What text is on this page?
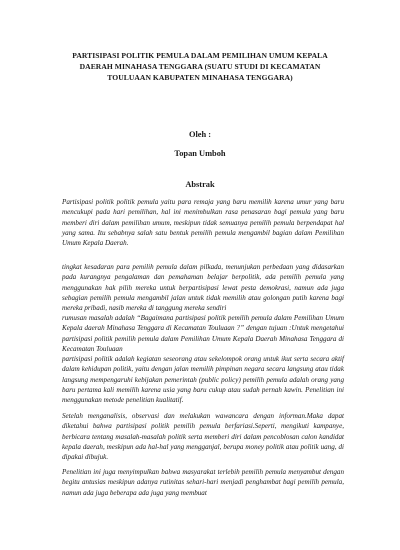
PARTISIPASI POLITIK PEMULA DALAM PEMILIHAN UMUM KEPALA
DAERAH MINAHASA TENGGARA (SUATU STUDI DI KECAMATAN
TOULUAAN KABUPATEN MINAHASA TENGGARA)
Oleh :
Topan Umboh
Abstrak

Partisipasi politik politik pemula yaitu para remaja yang baru memilih karena umur yang baru mencukupi pada hari pemilihan, hal ini menimbulkan rasa penasaran bagi pemula yang baru memberi diri dalam pemilihan umum, meskipun tidak semuanya pemilih pemula berpendapat hal yang sama. Itu sebabnya salah satu bentuk pemilih pemula mengambil bagian dalam Pemilihan Umum Kepala Daerah.

tingkat kesadaran para pemilih pemula dalam pilkada, menunjukan perbedaan yang didasarkan pada kurangnya pengalaman dan pemahaman belajar berpolitik, ada pemilih pemula yang menggunakan hak pilih mereka untuk berpartisipasi lewat pesta demokrasi, namun ada juga sebagian pemilih pemula mengambil jalan untuk tidak memilih atau golongan putih karena bagi mereka pribadi, nasib mereka di tanggung mereka sendiri

rumusan masalah adalah “Bagaimana partisipasi politik pemilih pemula dalam Pemilihan Umum Kepala daerah Minahasa Tenggara di Kecamatan Touluaan ?” dengan tujuan :Untuk mengetahui partisipasi politik pemilih pemula dalam Pemilihan Umum Kepala Daerah Minahasa Tenggara di Kecamatan Touluaan

partisipasi politik adalah kegiatan seseorang atau sekelompok orang untuk ikut serta secara aktif dalam kehidupan politik, yaitu dengan jalan memilih pimpinan negara secara langsung atau tidak langsung mempengaruhi kebijakan pemerintah (public policy) pemilih pemula adalah orang yang baru pertama kali memilih karena usia yang baru cukup atau sudah pernah kawin. Penelitian ini menggunakan metode penelitian kualitatif.

Setelah menganalisis, observasi dan melakukan wawancara dengan informan.Maka dapat diketahui bahwa partisipasi politik pemilih pemula berfariasi.Seperti, mengikuti kampanye, berbicara tentang masalah-masalah politik serta memberi diri dalam pencoblosan calon kandidat kepala daerah, meskipun ada hal-hal yang mengganjal, berupa money politik atau politik uang, di dipakai dibujuk.

Penelitian ini juga menyimpulkan bahwa masyarakat terlebih pemilih pemula menyambut dengan begitu antusias meskipun adanya rutinitas sehari-hari menjadi penghambat bagi pemilih pemula, namun ada juga beberapa ada juga yang membuat
